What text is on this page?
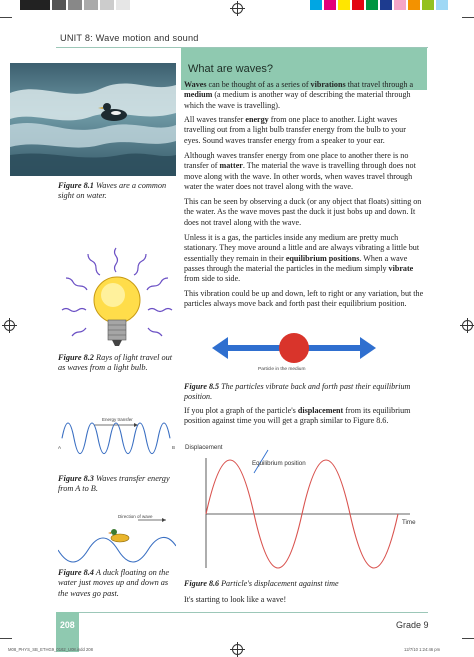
UNIT 8: Wave motion and sound
Figure 8.1 Waves are a common sight on water.
Figure 8.2 Rays of light travel out as waves from a light bulb.
Energy transfer
A	B
Figure 8.3 Waves transfer energy from A to B.
Direction of wave
Figure 8.4 A duck floating on the water just moves up and down as the waves go past.
What are waves?
Waves can be thought of as a series of vibrations that travel through a medium (a medium is another way of describing the material through which the wave is travelling).
All waves transfer energy from one place to another. Light waves travelling out from a light bulb transfer energy from the bulb to your eyes. Sound waves transfer energy from a speaker to your ear.
Although waves transfer energy from one place to another there is no transfer of matter. The material the wave is travelling through does not move along with the wave. In other words, when waves travel through water the water does not travel along with the wave.
This can be seen by observing a duck (or any object that floats) sitting on the water. As the wave moves past the duck it just bobs up and down. It does not travel along with the wave.
Unless it is a gas, the particles inside any medium are pretty much stationary. They move around a little and are always vibrating a little but essentially they remain in their equilibrium positions. When a wave passes through the material the particles in the medium simply vibrate from side to side.
This vibration could be up and down, left to right or any variation, but the particles always move back and forth past their equilibrium position.
Particle in the medium
Figure 8.5 The particles vibrate back and forth past their equilibrium position.
If you plot a graph of the particle's displacement from its equilibrium position against time you will get a graph similar to Figure 8.6.
Displacement
Equilibrium position
Time
Figure 8.6 Particle's displacement against time
It's starting to look like a wave!
208	Grade 9
M08_PHYS_SB_ETHG9_0162_U08.indd 208	12/7/10 1:24:46 pm
